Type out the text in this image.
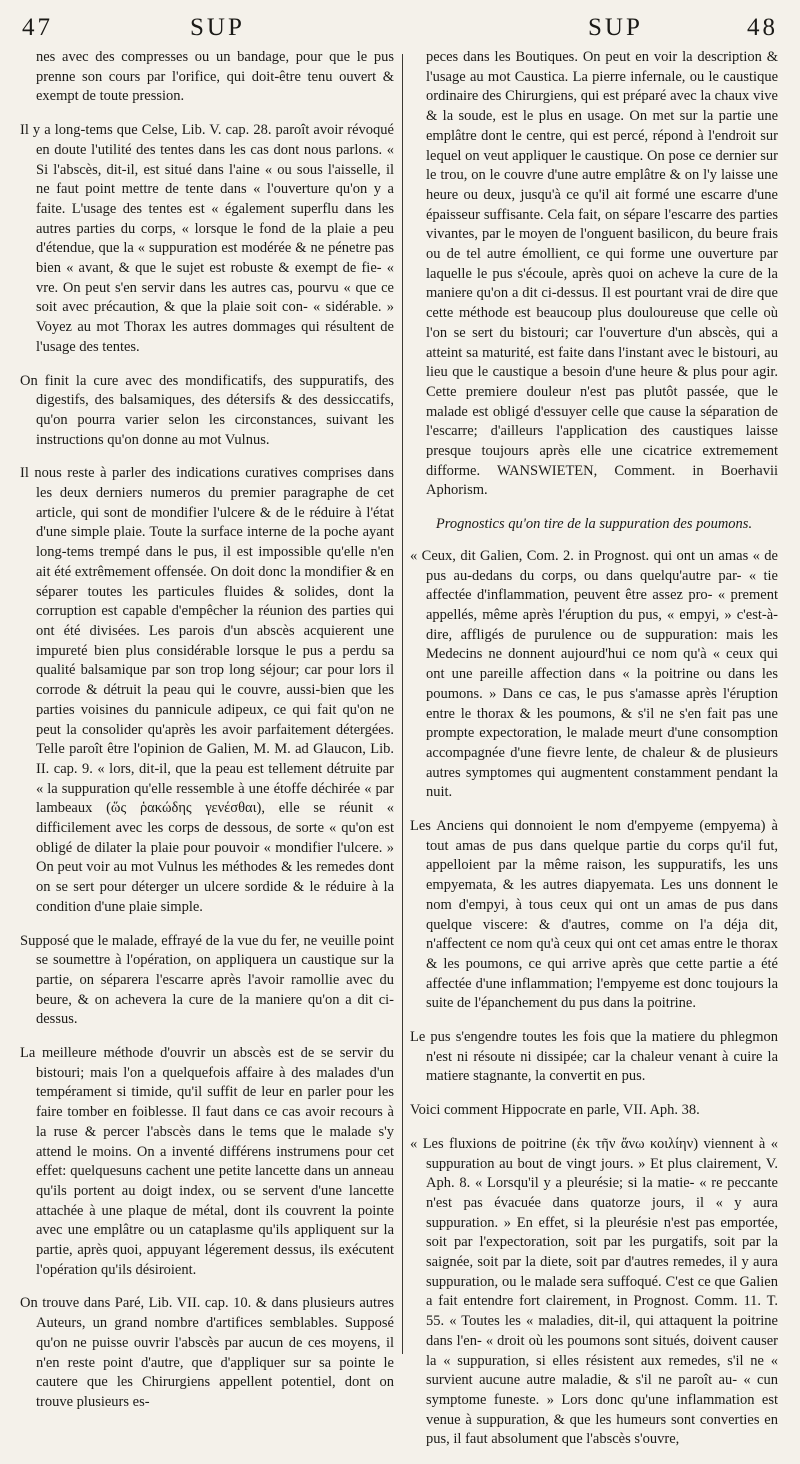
47	SUP	SUP	48

nes avec des compresses ou un bandage, pour que le pus prenne son cours par l'orifice, qui doit-être tenu ouvert & exempt de toute pression.

Il y a long-tems que Celse, Lib. V. cap. 28. paroît avoir révoqué en doute l'utilité des tentes dans les cas dont nous parlons. « Si l'abscès, dit-il, est situé dans l'aine « ou sous l'aisselle, il ne faut point mettre de tente dans « l'ouverture qu'on y a faite. L'usage des tentes est « également superflu dans les autres parties du corps, « lorsque le fond de la plaie a peu d'étendue, que la « suppuration est modérée & ne pénetre pas bien « avant, & que le sujet est robuste & exempt de fie- « vre. On peut s'en servir dans les autres cas, pourvu « que ce soit avec précaution, & que la plaie soit con- « sidérable. » Voyez au mot Thorax les autres dommages qui résultent de l'usage des tentes.

On finit la cure avec des mondificatifs, des suppuratifs, des digestifs, des balsamiques, des détersifs & des dessiccatifs, qu'on pourra varier selon les circonstances, suivant les instructions qu'on donne au mot Vulnus.

Il nous reste à parler des indications curatives comprises dans les deux derniers numeros du premier paragraphe de cet article, qui sont de mondifier l'ulcere & de le réduire à l'état d'une simple plaie. Toute la surface interne de la poche ayant long-tems trempé dans le pus, il est impossible qu'elle n'en ait été extrêmement offensée. On doit donc la mondifier & en séparer toutes les particules fluides & solides, dont la corruption est capable d'empêcher la réunion des parties qui ont été divisées. Les parois d'un abscès acquierent une impureté bien plus considérable lorsque le pus a perdu sa qualité balsamique par son trop long séjour; car pour lors il corrode & détruit la peau qui le couvre, aussi-bien que les parties voisines du pannicule adipeux, ce qui fait qu'on ne peut la consolider qu'après les avoir parfaitement détergées. Telle paroît être l'opinion de Galien, M. M. ad Glaucon, Lib. II. cap. 9. « lors, dit-il, que la peau est tellement détruite par « la suppuration qu'elle ressemble à une étoffe déchirée « par lambeaux (ὥς ῥακώδης γενέσθαι), elle se réunit « difficilement avec les corps de dessous, de sorte « qu'on est obligé de dilater la plaie pour pouvoir « mondifier l'ulcere. » On peut voir au mot Vulnus les méthodes & les remedes dont on se sert pour déterger un ulcere sordide & le réduire à la condition d'une plaie simple.

Supposé que le malade, effrayé de la vue du fer, ne veuille point se soumettre à l'opération, on appliquera un caustique sur la partie, on séparera l'escarre après l'avoir ramollie avec du beure, & on achevera la cure de la maniere qu'on a dit ci-dessus.

La meilleure méthode d'ouvrir un abscès est de se servir du bistouri; mais l'on a quelquefois affaire à des malades d'un tempérament si timide, qu'il suffit de leur en parler pour les faire tomber en foiblesse. Il faut dans ce cas avoir recours à la ruse & percer l'abscès dans le tems que le malade s'y attend le moins. On a inventé différens instrumens pour cet effet: quelquesuns cachent une petite lancette dans un anneau qu'ils portent au doigt index, ou se servent d'une lancette attachée à une plaque de métal, dont ils couvrent la pointe avec une emplâtre ou un cataplasme qu'ils appliquent sur la partie, après quoi, appuyant légerement dessus, ils exécutent l'opération qu'ils désiroient.

On trouve dans Paré, Lib. VII. cap. 10. & dans plusieurs autres Auteurs, un grand nombre d'artifices semblables. Supposé qu'on ne puisse ouvrir l'abscès par aucun de ces moyens, il n'en reste point d'autre, que d'appliquer sur sa pointe le cautere que les Chirurgiens appellent potentiel, dont on trouve plusieurs es-

peces dans les Boutiques. On peut en voir la description & l'usage au mot Caustica. La pierre infernale, ou le caustique ordinaire des Chirurgiens, qui est préparé avec la chaux vive & la soude, est le plus en usage. On met sur la partie une emplâtre dont le centre, qui est percé, répond à l'endroit sur lequel on veut appliquer le caustique. On pose ce dernier sur le trou, on le couvre d'une autre emplâtre & on l'y laisse une heure ou deux, jusqu'à ce qu'il ait formé une escarre d'une épaisseur suffisante. Cela fait, on sépare l'escarre des parties vivantes, par le moyen de l'onguent basilicon, du beure frais ou de tel autre émollient, ce qui forme une ouverture par laquelle le pus s'écoule, après quoi on acheve la cure de la maniere qu'on a dit ci-dessus. Il est pourtant vrai de dire que cette méthode est beaucoup plus douloureuse que celle où l'on se sert du bistouri; car l'ouverture d'un abscès, qui a atteint sa maturité, est faite dans l'instant avec le bistouri, au lieu que le caustique a besoin d'une heure & plus pour agir. Cette premiere douleur n'est pas plutôt passée, que le malade est obligé d'essuyer celle que cause la séparation de l'escarre; d'ailleurs l'application des caustiques laisse presque toujours après elle une cicatrice extremement difforme. WANSWIETEN, Comment. in Boerhavii Aphorism.

Prognostics qu'on tire de la suppuration des poumons.

« Ceux, dit Galien, Com. 2. in Prognost. qui ont un amas « de pus au-dedans du corps, ou dans quelqu'autre par- « tie affectée d'inflammation, peuvent être assez pro- « prement appellés, même après l'éruption du pus, « empyi, » c'est-à-dire, affligés de purulence ou de suppuration: mais les Medecins ne donnent aujourd'hui ce nom qu'à « ceux qui ont une pareille affection dans « la poitrine ou dans les poumons. » Dans ce cas, le pus s'amasse après l'éruption entre le thorax & les poumons, & s'il ne s'en fait pas une prompte expectoration, le malade meurt d'une consomption accompagnée d'une fievre lente, de chaleur & de plusieurs autres symptomes qui augmentent constamment pendant la nuit.

Les Anciens qui donnoient le nom d'empyeme (empyema) à tout amas de pus dans quelque partie du corps qu'il fut, appelloient par la même raison, les suppuratifs, les uns empyemata, & les autres diapyemata. Les uns donnent le nom d'empyi, à tous ceux qui ont un amas de pus dans quelque viscere: & d'autres, comme on l'a déja dit, n'affectent ce nom qu'à ceux qui ont cet amas entre le thorax & les poumons, ce qui arrive après que cette partie a été affectée d'une inflammation; l'empyeme est donc toujours la suite de l'épanchement du pus dans la poitrine.

Le pus s'engendre toutes les fois que la matiere du phlegmon n'est ni résoute ni dissipée; car la chaleur venant à cuire la matiere stagnante, la convertit en pus.

Voici comment Hippocrate en parle, VII. Aph. 38.

« Les fluxions de poitrine (ἐκ τῆν ἄνω κοιλίην) viennent à « suppuration au bout de vingt jours. » Et plus clairement, V. Aph. 8. « Lorsqu'il y a pleurésie; si la matie- « re peccante n'est pas évacuée dans quatorze jours, il « y aura suppuration. » En effet, si la pleurésie n'est pas emportée, soit par l'expectoration, soit par les purgatifs, soit par la saignée, soit par la diete, soit par d'autres remedes, il y aura suppuration, ou le malade sera suffoqué. C'est ce que Galien a fait entendre fort clairement, in Prognost. Comm. 11. T. 55. « Toutes les « maladies, dit-il, qui attaquent la poitrine dans l'en- « droit où les poumons sont situés, doivent causer la « suppuration, si elles résistent aux remedes, s'il ne « survient aucune autre maladie, & s'il ne paroît au- « cun symptome funeste. » Lors donc qu'une inflammation est venue à suppuration, & que les humeurs sont converties en pus, il faut absolument que l'abscès s'ouvre,
